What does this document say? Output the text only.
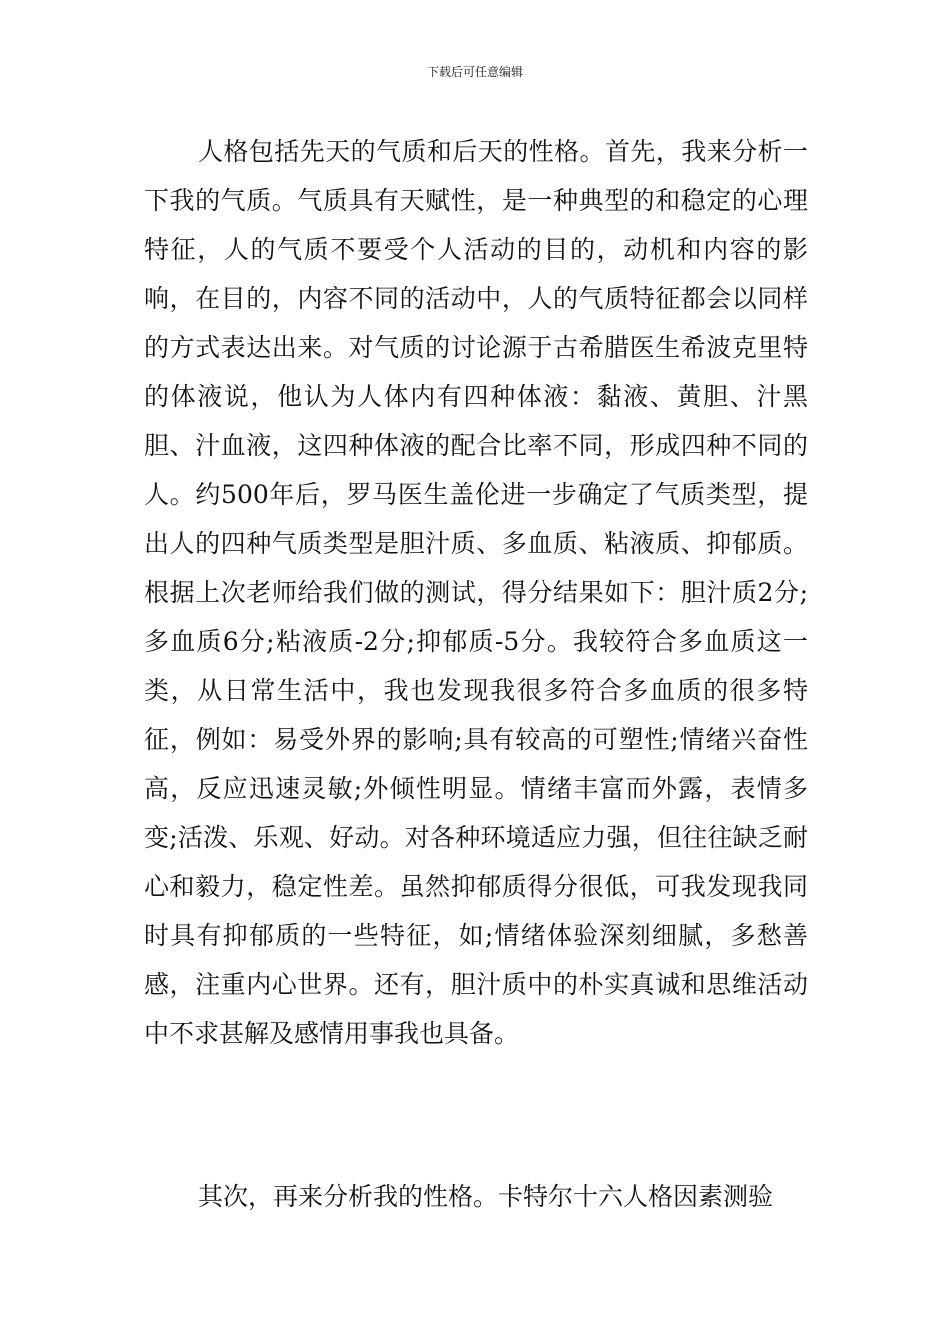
下载后可任意编辑

人格包括先天的气质和后天的性格。首先，我来分析一下我的气质。气质具有天赋性，是一种典型的和稳定的心理特征，人的气质不要受个人活动的目的，动机和内容的影响，在目的，内容不同的活动中，人的气质特征都会以同样的方式表达出来。对气质的讨论源于古希腊医生希波克里特的体液说，他认为人体内有四种体液：黏液、黄胆、汁黑胆、汁血液，这四种体液的配合比率不同，形成四种不同的人。约500年后，罗马医生盖伦进一步确定了气质类型，提出人的四种气质类型是胆汁质、多血质、粘液质、抑郁质。根据上次老师给我们做的测试，得分结果如下：胆汁质2分;多血质6分;粘液质-2分;抑郁质-5分。我较符合多血质这一类，从日常生活中，我也发现我很多符合多血质的很多特征，例如：易受外界的影响;具有较高的可塑性;情绪兴奋性高，反应迅速灵敏;外倾性明显。情绪丰富而外露，表情多变;活泼、乐观、好动。对各种环境适应力强，但往往缺乏耐心和毅力，稳定性差。虽然抑郁质得分很低，可我发现我同时具有抑郁质的一些特征，如;情绪体验深刻细腻，多愁善感，注重内心世界。还有，胆汁质中的朴实真诚和思维活动中不求甚解及感情用事我也具备。

其次，再来分析我的性格。卡特尔十六人格因素测验
